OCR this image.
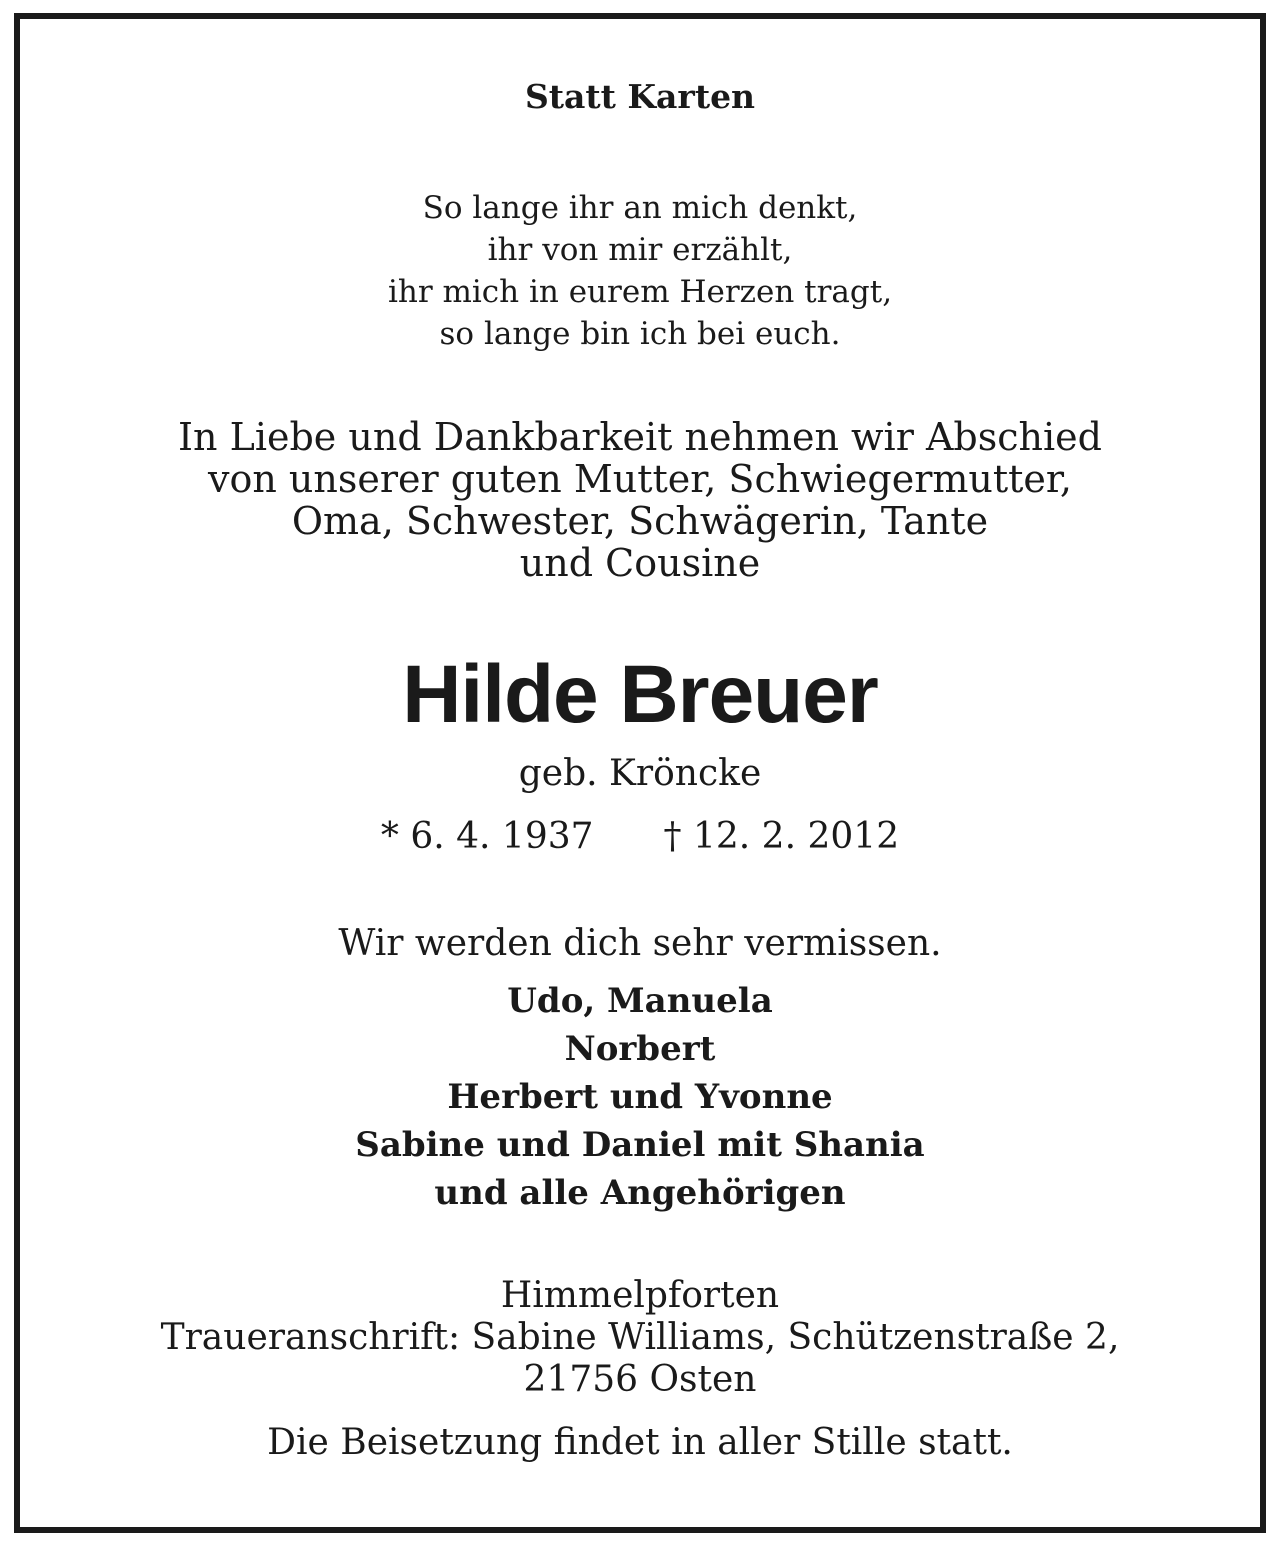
Statt Karten
So lange ihr an mich denkt,
ihr von mir erzählt,
ihr mich in eurem Herzen tragt,
so lange bin ich bei euch.
In Liebe und Dankbarkeit nehmen wir Abschied
von unserer guten Mutter, Schwiegermutter,
Oma, Schwester, Schwägerin, Tante
und Cousine
Hilde Breuer
geb. Kröncke
* 6. 4. 1937 † 12. 2. 2012
Wir werden dich sehr vermissen.
Udo, Manuela
Norbert
Herbert und Yvonne
Sabine und Daniel mit Shania
und alle Angehörigen
Himmelpforten
Traueranschrift: Sabine Williams, Schützenstraße 2,
21756 Osten
Die Beisetzung findet in aller Stille statt.
